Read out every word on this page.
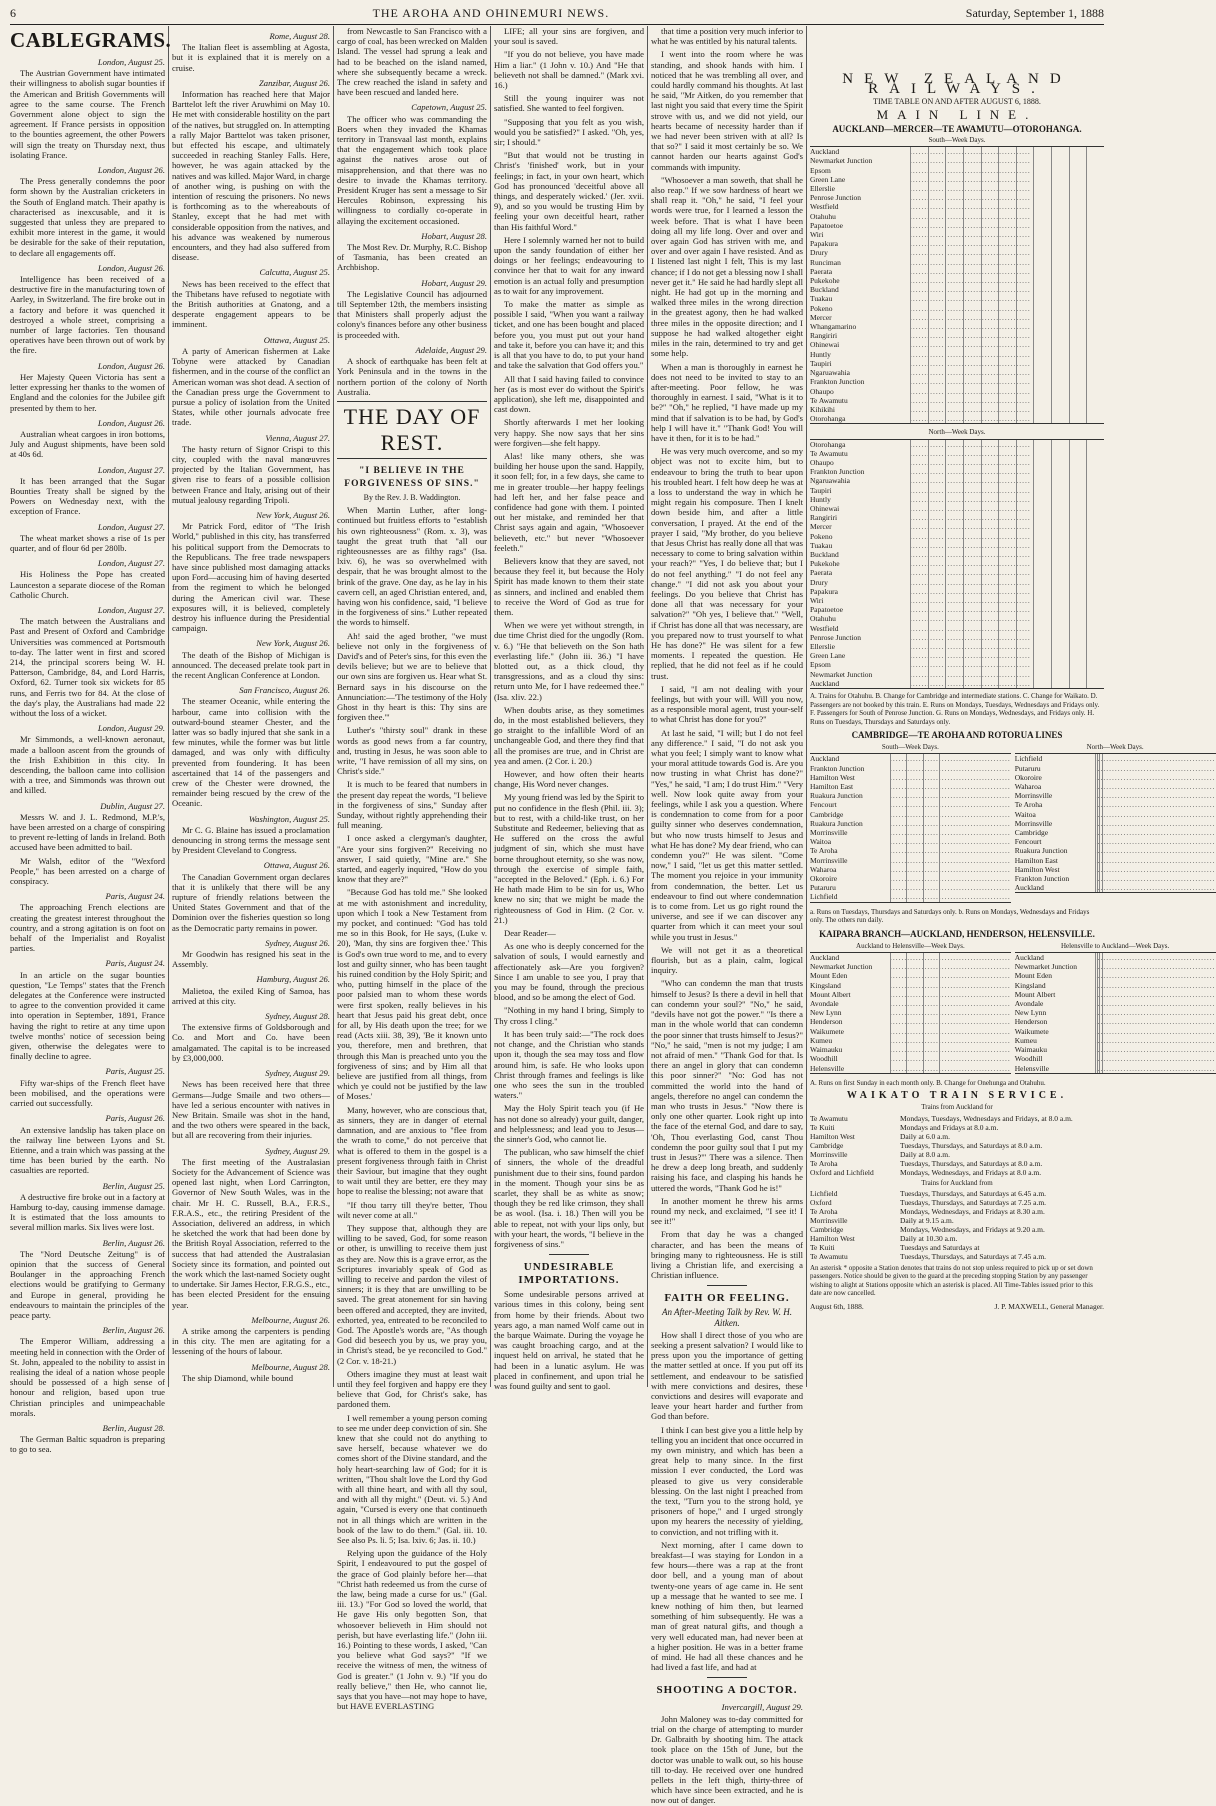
6	THE AROHA AND OHINEMURI NEWS.	Saturday, September 1, 1888
CABLEGRAMS.
London, August 25.

The Austrian Government have intimated their willingness to abolish sugar bounties if the American and British Governments will agree to the same course. The French Government alone object to sign the agreement. If France persists in opposition to the bounties agreement, the other Powers will sign the treaty on Thursday next, thus isolating France.

London, August 26.

The Press generally condemns the poor form shown by the Australian cricketers in the South of England match. Their apathy is characterised as inexcusable, and it is suggested that unless they are prepared to exhibit more interest in the game, it would be desirable for the sake of their reputation, to declare all engagements off.

London, August 26.

Intelligence has been received of a destructive fire in the manufacturing town of Aarley, in Switzerland. The fire broke out in a factory and before it was quenched it destroyed a whole street, comprising a number of large factories. Ten thousand operatives have been thrown out of work by the fire.

London, August 26.

Her Majesty Queen Victoria has sent a letter expressing her thanks to the women of England and the colonies for the Jubilee gift presented by them to her.

London, August 26.

Australian wheat cargoes in iron bottoms, July and August shipments, have been sold at 40s 6d.

London, August 27.

It has been arranged that the Sugar Bounties Treaty shall be signed by the Powers on Wednesday next, with the exception of France.

London, August 27.

The wheat market shows a rise of 1s per quarter, and of flour 6d per 280lb.

London, August 27.

His Holiness the Pope has created Launceston a separate diocese of the Roman Catholic Church.

London, August 27.

The match between the Australians and Past and Present of Oxford and Cambridge Universities was commenced at Portsmouth to-day. The latter went in first and scored 214, the principal scorers being W. H. Patterson, Cambridge, 84, and Lord Harris, Oxford, 62. Turner took six wickets for 85 runs, and Ferris two for 84. At the close of the day's play, the Australians had made 22 without the loss of a wicket.

London, August 29.

Mr Simmonds, a well-known aeronaut, made a balloon ascent from the grounds of the Irish Exhibition in this city. In descending, the balloon came into collision with a tree, and Simmonds was thrown out and killed.

Dublin, August 27.

Messrs W. and J. L. Redmond, M.P.'s, have been arrested on a charge of conspiring to prevent re-letting of lands in Ireland. Both accused have been admitted to bail.

Mr Walsh, editor of the "Wexford People," has been arrested on a charge of conspiracy.

Paris, August 24.

The approaching French elections are creating the greatest interest throughout the country, and a strong agitation is on foot on behalf of the Imperialist and Royalist parties.

Paris, August 24.

In an article on the sugar bounties question, "Le Temps" states that the French delegates at the Conference were instructed to agree to the convention provided it came into operation in September, 1891, France having the right to retire at any time upon twelve months' notice of secession being given, otherwise the delegates were to finally decline to agree.

Paris, August 25.

Fifty war-ships of the French fleet have been mobilised, and the operations were carried out successfully.

Paris, August 26.

An extensive landslip has taken place on the railway line between Lyons and St. Etienne, and a train which was passing at the time has been buried by the earth. No casualties are reported.

Berlin, August 25.

A destructive fire broke out in a factory at Hamburg to-day, causing immense damage. It is estimated that the loss amounts to several million marks. Six lives were lost.

Berlin, August 26.

The "Nord Deutsche Zeitung" is of opinion that the success of General Boulanger in the approaching French elections would be gratifying to Germany and Europe in general, providing he endeavours to maintain the principles of the peace party.

Berlin, August 26.

The Emperor William, addressing a meeting held in connection with the Order of St. John, appealed to the nobility to assist in realising the ideal of a nation whose people should be possessed of a high sense of honour and religion, based upon true Christian principles and unimpeachable morals.

Berlin, August 28.

The German Baltic squadron is preparing to go to sea.

Rome, August 28.

The Italian fleet is assembling at Agosta, but it is explained that it is merely on a cruise.

Zanzibar, August 26.

Information has reached here that Major Barttelot left the river Aruwhimi on May 10. He met with considerable hostility on the part of the natives, but struggled on. In attempting a rally Major Barttelot was taken prisoner, but effected his escape, and ultimately succeeded in reaching Stanley Falls. Here, however, he was again attacked by the natives and was killed. Major Ward, in charge of another wing, is pushing on with the intention of rescuing the prisoners. No news is forthcoming as to the whereabouts of Stanley, except that he had met with considerable opposition from the natives, and his advance was weakened by numerous encounters, and they had also suffered from disease.

Calcutta, August 25.

News has been received to the effect that the Thibetans have refused to negotiate with the British authorities at Gnatong, and a desperate engagement appears to be imminent.

Ottawa, August 25.

A party of American fishermen at Lake Tobyne were attacked by Canadian fishermen, and in the course of the conflict an American woman was shot dead. A section of the Canadian press urge the Government to pursue a policy of isolation from the United States, while other journals advocate free trade.

Vienna, August 27.

The hasty return of Signor Crispi to this city, coupled with the naval manœuvres projected by the Italian Government, has given rise to fears of a possible collision between France and Italy, arising out of their mutual jealousy regarding Tripoli.

New York, August 26.

Mr Patrick Ford, editor of "The Irish World," published in this city, has transferred his political support from the Democrats to the Republicans. The free trade newspapers have since published most damaging attacks upon Ford—accusing him of having deserted from the regiment to which he belonged during the American civil war. These exposures will, it is believed, completely destroy his influence during the Presidential campaign.

New York, August 26.

The death of the Bishop of Michigan is announced. The deceased prelate took part in the recent Anglican Conference at London.

San Francisco, August 26.

The steamer Oceanic, while entering the harbour, came into collision with the outward-bound steamer Chester, and the latter was so badly injured that she sank in a few minutes, while the former was but little damaged, and was only with difficulty prevented from foundering. It has been ascertained that 14 of the passengers and crew of the Chester were drowned, the remainder being rescued by the crew of the Oceanic.

Washington, August 25.

Mr C. G. Blaine has issued a proclamation denouncing in strong terms the message sent by President Cleveland to Congress.

Ottawa, August 26.

The Canadian Government organ declares that it is unlikely that there will be any rupture of friendly relations between the United States Government and that of the Dominion over the fisheries question so long as the Democratic party remains in power.

Sydney, August 26.

Mr Goodwin has resigned his seat in the Assembly.

Hamburg, August 26.

Malietoa, the exiled King of Samoa, has arrived at this city.

Sydney, August 28.

The extensive firms of Goldsborough and Co. and Mort and Co. have been amalgamated. The capital is to be increased by £3,000,000.

Sydney, August 29.

News has been received here that three Germans—Judge Smaile and two others—have led a serious encounter with natives in New Britain. Smaile was shot in the hand, and the two others were speared in the back, but all are recovering from their injuries.

Sydney, August 29.

The first meeting of the Australasian Society for the Advancement of Science was opened last night, when Lord Carrington, Governor of New South Wales, was in the chair. Mr H. C. Russell, B.A., F.R.S., F.R.A.S., etc., the retiring President of the Association, delivered an address, in which he sketched the work that had been done by the British Royal Association, referred to the success that had attended the Australasian Society since its formation, and pointed out the work which the last-named Society ought to undertake. Sir James Hector, F.R.G.S., etc., has been elected President for the ensuing year.

Melbourne, August 26.

A strike among the carpenters is pending in this city. The men are agitating for a lessening of the hours of labour.

Melbourne, August 28.

The ship Diamond, while bound

from Newcastle to San Francisco with a cargo of coal, has been wrecked on Malden Island. The vessel had sprung a leak and had to be beached on the island named, where she subsequently became a wreck. The crew reached the island in safety and have been rescued and landed here.

Capetown, August 25.

The officer who was commanding the Boers when they invaded the Khamas territory in Transvaal last month, explains that the engagement which took place against the natives arose out of misapprehension, and that there was no desire to invade the Khamas territory. President Kruger has sent a message to Sir Hercules Robinson, expressing his willingness to cordially co-operate in allaying the excitement occasioned.

Hobart, August 28.

The Most Rev. Dr. Murphy, R.C. Bishop of Tasmania, has been created an Archbishop.

Hobart, August 29.

The Legislative Council has adjourned till September 12th, the members insisting that Ministers shall properly adjust the colony's finances before any other business is proceeded with.

Adelaide, August 29.

A shock of earthquake has been felt at York Peninsula and in the towns in the northern portion of the colony of North Australia.

THE DAY OF REST.
"I BELIEVE IN THE FORGIVENESS OF SINS."
By the Rev. J. B. Waddington.

When Martin Luther, after long-continued but fruitless efforts to "establish his own righteousness" (Rom. x. 3), was taught the great truth that "all our righteousnesses are as filthy rags" (Isa. lxiv. 6), he was so overwhelmed with despair, that he was brought almost to the brink of the grave. One day, as he lay in his cavern cell, an aged Christian entered, and, having won his confidence, said, "I believe in the forgiveness of sins." Luther repeated the words to himself.

Ah! said the aged brother, "we must believe not only in the forgiveness of David's and of Peter's sins, for this even the devils believe; but we are to believe that our own sins are forgiven us. Hear what St. Bernard says in his discourse on the Annunciation:—'The testimony of the Holy Ghost in thy heart is this: Thy sins are forgiven thee.'"

Luther's "thirsty soul" drank in these words as good news from a far country, and, trusting in Jesus, he was soon able to write, "I have remission of all my sins, on Christ's side."

It is much to be feared that numbers in the present day repeat the words, "I believe in the forgiveness of sins," Sunday after Sunday, without rightly apprehending their full meaning.

I once asked a clergyman's daughter, "Are your sins forgiven?" Receiving no answer, I said quietly, "Mine are." She started, and eagerly inquired, "How do you know that they are?"

"Because God has told me." She looked at me with astonishment and incredulity, upon which I took a New Testament from my pocket, and continued: "God has told me so in this Book, for He says, (Luke v. 20), 'Man, thy sins are forgiven thee.' This is God's own true word to me, and to every lost and guilty sinner, who has been taught his ruined condition by the Holy Spirit; and who, putting himself in the place of the poor palsied man to whom these words were first spoken, really believes in his heart that Jesus paid his great debt, once for all, by His death upon the tree; for we read (Acts xiii. 38, 39), 'Be it known unto you, therefore, men and brethren, that through this Man is preached unto you the forgiveness of sins; and by Him all that believe are justified from all things, from which ye could not be justified by the law of Moses.'

Many, however, who are conscious that, as sinners, they are in danger of eternal damnation, and are anxious to "flee from the wrath to come," do not perceive that what is offered to them in the gospel is a present forgiveness through faith in Christ their Saviour, but imagine that they ought to wait until they are better, ere they may hope to realise the blessing; not aware that

"If thou tarry till they're better, Thou wilt never come at all."

They suppose that, although they are willing to be saved, God, for some reason or other, is unwilling to receive them just as they are. Now this is a grave error, as the Scriptures invariably speak of God as willing to receive and pardon the vilest of sinners; it is they that are unwilling to be saved. The great atonement for sin having been offered and accepted, they are invited, exhorted, yea, entreated to be reconciled to God. The Apostle's words are, "As though God did beseech you by us, we pray you, in Christ's stead, be ye reconciled to God." (2 Cor. v. 18-21.)

Others imagine they must at least wait until they feel forgiven and happy ere they believe that God, for Christ's sake, has pardoned them.

I well remember a young person coming to see me under deep conviction of sin. She knew that she could not do anything to save herself, because whatever we do comes short of the Divine standard, and the holy heart-searching law of God; for it is written, "Thou shalt love the Lord thy God with all thine heart, and with all thy soul, and with all thy might." (Deut. vi. 5.) And again, "Cursed is every one that continueth not in all things which are written in the book of the law to do them." (Gal. iii. 10. See also Ps. li. 5; Isa. lxiv. 6; Jas. ii. 10.)

Relying upon the guidance of the Holy Spirit, I endeavoured to put the gospel of the grace of God plainly before her—that "Christ hath redeemed us from the curse of the law, being made a curse for us." (Gal. iii. 13.) "For God so loved the world, that He gave His only begotten Son, that whosoever believeth in Him should not perish, but have everlasting life." (John iii. 16.) Pointing to these words, I asked, "Can you believe what God says?" "If we receive the witness of men, the witness of God is greater." (1 John v. 9.) "If you do really believe," then He, who cannot lie, says that you have—not may hope to have, but HAVE EVERLASTING

LIFE; all your sins are forgiven, and your soul is saved.

"If you do not believe, you have made Him a liar." (1 John v. 10.) And "He that believeth not shall be damned." (Mark xvi. 16.)

Still the young inquirer was not satisfied. She wanted to feel forgiven.

"Supposing that you felt as you wish, would you be satisfied?" I asked. "Oh, yes, sir; I should."

"But that would not be trusting in Christ's 'finished' work, but in your feelings; in fact, in your own heart, which God has pronounced 'deceitful above all things, and desperately wicked.' (Jer. xvii. 9), and so you would be trusting Him by feeling your own deceitful heart, rather than His faithful Word."

Here I solemnly warned her not to build upon the sandy foundation of either her doings or her feelings; endeavouring to convince her that to wait for any inward emotion is an actual folly and presumption as to wait for any improvement.

To make the matter as simple as possible I said, "When you want a railway ticket, and one has been bought and placed before you, you must put out your hand and take it, before you can have it; and this is all that you have to do, to put your hand and take the salvation that God offers you."

All that I said having failed to convince her (as is most ever do without the Spirit's application), she left me, disappointed and cast down.

Shortly afterwards I met her looking very happy. She now says that her sins were forgiven—she felt happy.

Alas! like many others, she was building her house upon the sand. Happily, it soon fell; for, in a few days, she came to me in greater trouble—her happy feelings had left her, and her false peace and confidence had gone with them. I pointed out her mistake, and reminded her that Christ says again and again, "Whosoever believeth, etc." but never "Whosoever feeleth."

Believers know that they are saved, not because they feel it, but because the Holy Spirit has made known to them their state as sinners, and inclined and enabled them to receive the Word of God as true for them.

When we were yet without strength, in due time Christ died for the ungodly (Rom. v. 6.) "He that believeth on the Son hath everlasting life." (John iii. 36.) "I have blotted out, as a thick cloud, thy transgressions, and as a cloud thy sins: return unto Me, for I have redeemed thee." (Isa. xliv. 22.)

When doubts arise, as they sometimes do, in the most established believers, they go straight to the infallible Word of an unchangeable God, and there they find that all the promises are true, and in Christ are yea and amen. (2 Cor. i. 20.)

However, and how often their hearts change, His Word never changes.

My young friend was led by the Spirit to put no confidence in the flesh (Phil. iii. 3); but to rest, with a child-like trust, on her Substitute and Redeemer, believing that as He suffered on the cross the awful judgment of sin, which she must have borne throughout eternity, so she was now, through the exercise of simple faith, "accepted in the Beloved." (Eph. i. 6.) For He hath made Him to be sin for us, Who knew no sin; that we might be made the righteousness of God in Him. (2 Cor. v. 21.)

Dear Reader—

As one who is deeply concerned for the salvation of souls, I would earnestly and affectionately ask—Are you forgiven? Since I am unable to see you, I pray that you may be found, through the precious blood, and so be among the elect of God.

"Nothing in my hand I bring, Simply to Thy cross I cling."

It has been truly said:—"The rock does not change, and the Christian who stands upon it, though the sea may toss and flow around him, is safe. He who looks upon Christ through frames and feelings is like one who sees the sun in the troubled waters."

May the Holy Spirit teach you (if He has not done so already) your guilt, danger, and helplessness; and lead you to Jesus—the sinner's God, who cannot lie.

The publican, who saw himself the chief of sinners, the whole of the dreadful punishment due to their sins, found pardon in the moment. Though your sins be as scarlet, they shall be as white as snow; though they be red like crimson, they shall be as wool. (Isa. i. 18.) Then will you be able to repeat, not with your lips only, but with your heart, the words, "I believe in the forgiveness of sins."

UNDESIRABLE IMPORTATIONS.

Some undesirable persons arrived at various times in this colony, being sent from home by their friends. About two years ago, a man named Wolf came out in the barque Waimate. During the voyage he was caught broaching cargo, and at the inquest held on arrival, he stated that he had been in a lunatic asylum. He was placed in confinement, and upon trial he was found guilty and sent to gaol.

that time a position very much inferior to what he was entitled by his natural talents.

I went into the room where he was standing, and shook hands with him. I noticed that he was trembling all over, and could hardly command his thoughts. At last he said, "Mr Aitken, do you remember that last night you said that every time the Spirit strove with us, and we did not yield, our hearts became of necessity harder than if we had never been striven with at all? Is that so?" I said it most certainly be so. We cannot harden our hearts against God's commands with impunity.

"Whosoever a man soweth, that shall he also reap." If we sow hardness of heart we shall reap it. "Oh," he said, "I feel your words were true, for I learned a lesson the week before. That is what I have been doing all my life long. Over and over and over again God has striven with me, and over and over again I have resisted. And as I listened last night I felt, This is my last chance; if I do not get a blessing now I shall never get it." He said he had hardly slept all night. He had got up in the morning and walked three miles in the wrong direction in the greatest agony, then he had walked three miles in the opposite direction; and I suppose he had walked altogether eight miles in the rain, determined to try and get some help.

When a man is thoroughly in earnest he does not need to be invited to stay to an after-meeting. Poor fellow, he was thoroughly in earnest. I said, "What is it to be?" "Oh," he replied, "I have made up my mind that if salvation is to be had, by God's help I will have it." "Thank God! You will have it then, for it is to be had."

He was very much overcome, and so my object was not to excite him, but to endeavour to bring the truth to bear upon his troubled heart. I felt how deep he was at a loss to understand the way in which he might regain his composure. Then I knelt down beside him, and after a little conversation, I prayed. At the end of the prayer I said, "My brother, do you believe that Jesus Christ has really done all that was necessary to come to bring salvation within your reach?" "Yes, I do believe that; but I do not feel anything." "I do not feel any change." "I did not ask you about your feelings. Do you believe that Christ has done all that was necessary for your salvation?" "Oh yes, I believe that." "Well, if Christ has done all that was necessary, are you prepared now to trust yourself to what He has done?" He was silent for a few moments. I repeated the question. He replied, that he did not feel as if he could trust.

I said, "I am not dealing with your feelings, but with your will. Will you now, as a responsible moral agent, trust your-self to what Christ has done for you?"

At last he said, "I will; but I do not feel any difference." I said, "I do not ask you what you feel; I simply want to know what your moral attitude towards God is. Are you now trusting in what Christ has done?" "Yes," he said, "I am; I do trust Him." "Very well. Now look quite away from your feelings, while I ask you a question. Where is condemnation to come from for a poor guilty sinner who deserves condemnation, but who now trusts himself to Jesus and what He has done? My dear friend, who can condemn you?" He was silent. "Come now," I said, "let us get this matter settled. The moment you rejoice in your immunity from condemnation, the better. Let us endeavour to find out where condemnation is to come from. Let us go right round the universe, and see if we can discover any quarter from which it can meet your soul while you trust in Jesus."

We will not get it as a theoretical flourish, but as a plain, calm, logical inquiry.

"Who can condemn the man that trusts himself to Jesus? Is there a devil in hell that can condemn your soul?" "No," he said, "devils have not got the power." "Is there a man in the whole world that can condemn the poor sinner that trusts himself to Jesus?" "No," he said, "men is not my judge; I am not afraid of men." "Thank God for that. Is there an angel in glory that can condemn this poor sinner?" "No: God has not committed the world into the hand of angels, therefore no angel can condemn the man who trusts in Jesus." "Now there is only one other quarter. Look right up into the face of the eternal God, and dare to say, 'Oh, Thou everlasting God, canst Thou condemn the poor guilty soul that I put my trust in Jesus?'" There was a silence. Then he drew a deep long breath, and suddenly raising his face, and clasping his hands he uttered the words, "Thank God he is!"

In another moment he threw his arms round my neck, and exclaimed, "I see it! I see it!"

From that day he was a changed character, and has been the means of bringing many to righteousness. He is still living a Christian life, and exercising a Christian influence.

FAITH OR FEELING.
An After-Meeting Talk by Rev. W. H. Aitken.

How shall I direct those of you who are seeking a present salvation? I would like to press upon you the importance of getting the matter settled at once. If you put off its settlement, and endeavour to be satisfied with mere convictions and desires, these convictions and desires will evaporate and leave your heart harder and further from God than before.

I think I can best give you a little help by telling you an incident that once occurred in my own ministry, and which has been a great help to many since. In the first mission I ever conducted, the Lord was pleased to give us very considerable blessing. On the last night I preached from the text, "Turn you to the strong hold, ye prisoners of hope," and I urged strongly upon my hearers the necessity of yielding, to conviction, and not trifling with it.

Next morning, after I came down to breakfast—I was staying for London in a few hours—there was a rap at the front door bell, and a young man of about twenty-one years of age came in. He sent up a message that he wanted to see me. I knew nothing of him then, but learned something of him subsequently. He was a man of great natural gifts, and though a very well educated man, had never been at a higher position. He was in a better frame of mind. He had all these chances and he had lived a fast life, and had at

SHOOTING A DOCTOR.
Invercargill, August 29.

John Maloney was to-day committed for trial on the charge of attempting to murder Dr. Galbraith by shooting him. The attack took place on the 15th of June, but the doctor was unable to walk out, so his house till to-day. He received over one hundred pellets in the left thigh, thirty-three of which have since been extracted, and he is now out of danger.

NEW ZEALAND RAILWAYS.
TIME TABLE ON AND AFTER AUGUST 6, 1888.
MAIN LINE.
AUCKLAND—MERCER—TE AWAMUTU—OTOROHANGA.
South—Week Days.
Auckland	..........................................
Newmarket Junction	..........................................
Epsom	..........................................
Green Lane	..........................................
Ellerslie	..........................................
Penrose Junction	..........................................
Westfield	..........................................
Otahuhu	..........................................
Papatoetoe	..........................................
Wiri	..........................................
Papakura	..........................................
Drury	..........................................
Runciman	..........................................
Paerata	..........................................
Pukekohe	..........................................
Buckland	..........................................
Tuakau	..........................................
Pokeno	..........................................
Mercer	..........................................
Whangamarino	..........................................
Rangiriri	..........................................
Ohinewai	..........................................
Huntly	..........................................
Taupiri	..........................................
Ngaruawahia	..........................................
Frankton Junction	..........................................
Ohaupo	..........................................
Te Awamutu	..........................................
Kihikihi	..........................................
Otorohanga	..........................................
North—Week Days.
Otorohanga	..........................................
Te Awamutu	..........................................
Ohaupo	..........................................
Frankton Junction	..........................................
Ngaruawahia	..........................................
Taupiri	..........................................
Huntly	..........................................
Ohinewai	..........................................
Rangiriri	..........................................
Mercer	..........................................
Pokeno	..........................................
Tuakau	..........................................
Buckland	..........................................
Pukekohe	..........................................
Paerata	..........................................
Drury	..........................................
Papakura	..........................................
Wiri	..........................................
Papatoetoe	..........................................
Otahuhu	..........................................
Westfield	..........................................
Penrose Junction	..........................................
Ellerslie	..........................................
Green Lane	..........................................
Epsom	..........................................
Newmarket Junction	..........................................
Auckland	..........................................
A. Trains for Otahuhu. B. Change for Cambridge and intermediate stations. C. Change for Waikato. D. Passengers are not booked by this train. E. Runs on Mondays, Tuesdays, Wednesdays and Fridays only. F. Passengers for South of Penrose Junction. G. Runs on Mondays, Wednesdays, and Fridays only. H. Runs on Tuesdays, Thursdays and Saturdays only.
CAMBRIDGE—TE AROHA AND ROTORUA LINES
South—Week Days.
Auckland	..........................................
Frankton Junction	..........................................
Hamilton West	..........................................
Hamilton East	..........................................
Ruakura Junction	..........................................
Fencourt	..........................................
Cambridge	..........................................
Ruakura Junction	..........................................
Morrinsville	..........................................
Waitoa	..........................................
Te Aroha	..........................................
Morrinsville	..........................................
Waharoa	..........................................
Okoroire	..........................................
Putaruru	..........................................
Lichfield	..........................................
North—Week Days.
Lichfield	..........................................
Putaruru	..........................................
Okoroire	..........................................
Waharoa	..........................................
Morrinsville	..........................................
Te Aroha	..........................................
Waitoa	..........................................
Morrinsville	..........................................
Cambridge	..........................................
Fencourt	..........................................
Ruakura Junction	..........................................
Hamilton East	..........................................
Hamilton West	..........................................
Frankton Junction	..........................................
Auckland	..........................................
a. Runs on Tuesdays, Thursdays and Saturdays only. b. Runs on Mondays, Wednesdays and Fridays only. The others run daily.
KAIPARA BRANCH—AUCKLAND, HENDERSON, HELENSVILLE.
Auckland to Helensville—Week Days.
Auckland	..........................................
Newmarket Junction	..........................................
Mount Eden	..........................................
Kingsland	..........................................
Mount Albert	..........................................
Avondale	..........................................
New Lynn	..........................................
Henderson	..........................................
Waikumete	..........................................
Kumeu	..........................................
Waimauku	..........................................
Woodhill	..........................................
Helensville	..........................................
Helensville to Auckland—Week Days.
Auckland	..........................................
Newmarket Junction	..........................................
Mount Eden	..........................................
Kingsland	..........................................
Mount Albert	..........................................
Avondale	..........................................
New Lynn	..........................................
Henderson	..........................................
Waikumete	..........................................
Kumeu	..........................................
Waimauku	..........................................
Woodhill	..........................................
Helensville	..........................................
A. Runs on first Sunday in each month only. B. Change for Onehunga and Otahuhu.
WAIKATO TRAIN SERVICE.
Trains from Auckland for
Te Awamutu	Mondays, Tuesdays, Wednesdays and Fridays, at 8.0 a.m.
Te Kuiti	Mondays and Fridays at 8.0 a.m.
Hamilton West	Daily at 6.0 a.m.
Cambridge	Tuesdays, Thursdays, and Saturdays at 8.0 a.m.
Morrinsville	Daily at 8.0 a.m.
Te Aroha	Tuesdays, Thursdays, and Saturdays at 8.0 a.m.
Oxford and Lichfield	Mondays, Wednesdays, and Fridays at 8.0 a.m.
Trains for Auckland from
Lichfield	Tuesdays, Thursdays, and Saturdays at 6.45 a.m.
Oxford	Tuesdays, Thursdays, and Saturdays at 7.25 a.m.
Te Aroha	Mondays, Wednesdays, and Fridays at 8.30 a.m.
Morrinsville	Daily at 9.15 a.m.
Cambridge	Mondays, Wednesdays, and Fridays at 9.20 a.m.
Hamilton West	Daily at 10.30 a.m.
Te Kuiti	Tuesdays and Saturdays at
Te Awamutu	Tuesdays, Thursdays, and Saturdays at 7.45 a.m.
An asterisk * opposite a Station denotes that trains do not stop unless required to pick up or set down passengers. Notice should be given to the guard at the preceding stopping Station by any passenger wishing to alight at Stations opposite which an asterisk is placed. All Time-Tables issued prior to this date are now cancelled.
August 6th, 1888.	J. P. MAXWELL, General Manager.
